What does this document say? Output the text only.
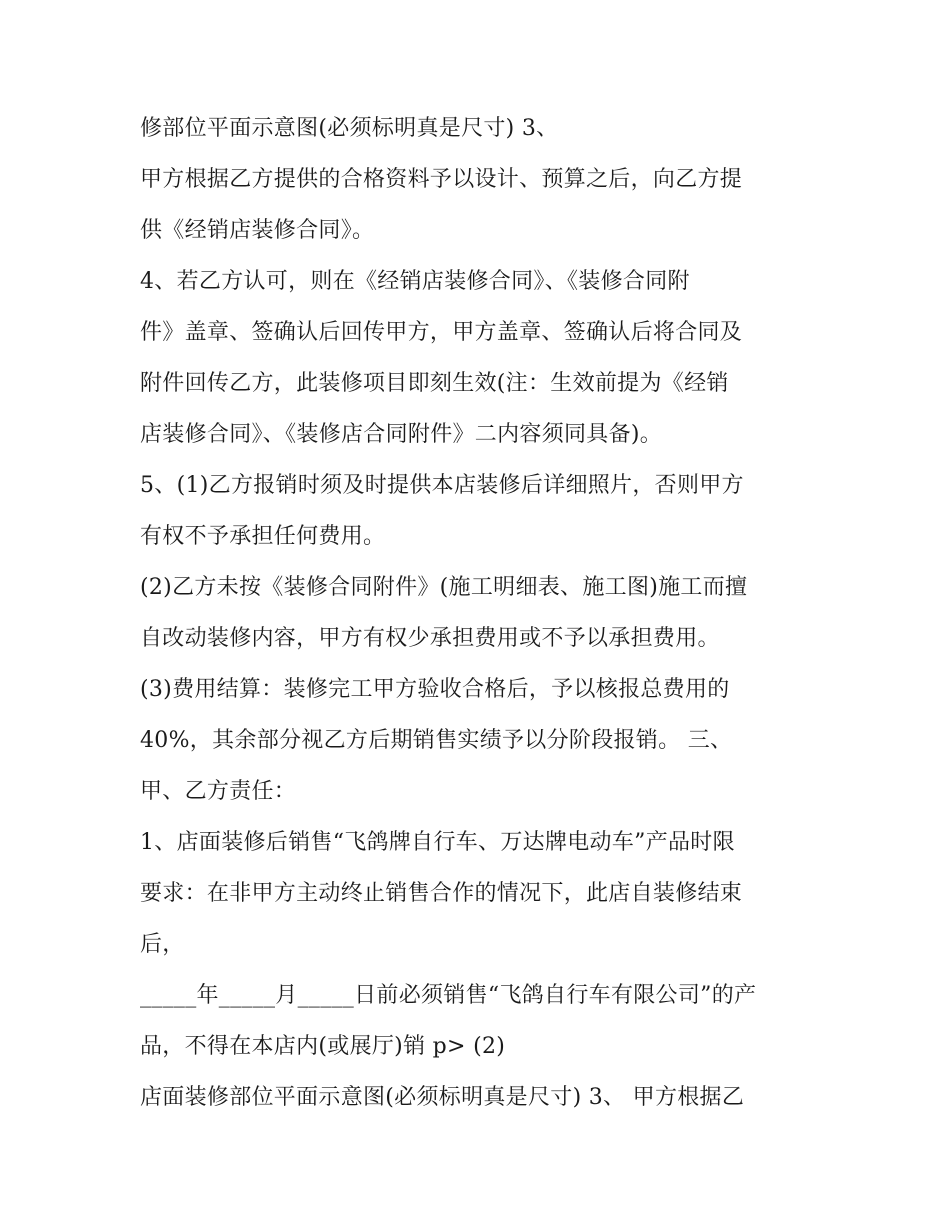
修部位平面示意图(必须标明真是尺寸) 3、
甲方根据乙方提供的合格资料予以设计、预算之后，向乙方提
供《经销店装修合同》。
4、若乙方认可，则在《经销店装修合同》、《装修合同附
件》盖章、签确认后回传甲方，甲方盖章、签确认后将合同及
附件回传乙方，此装修项目即刻生效(注：生效前提为《经销
店装修合同》、《装修店合同附件》二内容须同具备)。
5、(1)乙方报销时须及时提供本店装修后详细照片，否则甲方
有权不予承担任何费用。
(2)乙方未按《装修合同附件》(施工明细表、施工图)施工而擅
自改动装修内容，甲方有权少承担费用或不予以承担费用。
(3)费用结算：装修完工甲方验收合格后，予以核报总费用的
40%，其余部分视乙方后期销售实绩予以分阶段报销。 三、
甲、乙方责任：
1、店面装修后销售“飞鸽牌自行车、万达牌电动车”产品时限
要求：在非甲方主动终止销售合作的情况下，此店自装修结束
后，
_____年_____月_____日前必须销售“飞鸽自行车有限公司”的产
品，不得在本店内(或展厅)销 p> (2)
店面装修部位平面示意图(必须标明真是尺寸) 3、 甲方根据乙
